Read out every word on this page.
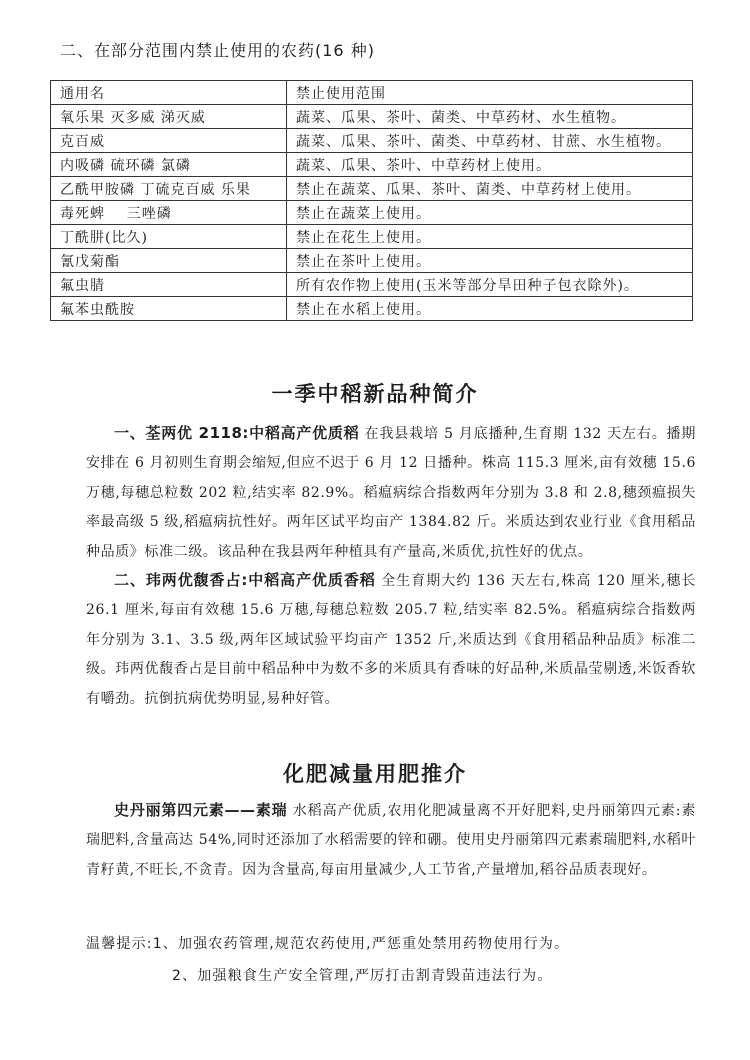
二、在部分范围内禁止使用的农药(16 种)
通用名	禁止使用范围
氧乐果 灭多威 涕灭威	蔬菜、瓜果、茶叶、菌类、中草药材、水生植物。
克百威	蔬菜、瓜果、茶叶、菌类、中草药材、甘蔗、水生植物。
内吸磷 硫环磷 氯磷	蔬菜、瓜果、茶叶、中草药材上使用。
乙酰甲胺磷 丁硫克百威 乐果	禁止在蔬菜、瓜果、茶叶、菌类、中草药材上使用。
毒死蜱    三唑磷	禁止在蔬菜上使用。
丁酰肼(比久)	禁止在花生上使用。
氰戊菊酯	禁止在茶叶上使用。
氟虫腈	所有农作物上使用(玉米等部分旱田种子包衣除外)。
氟苯虫酰胺	禁止在水稻上使用。
一季中稻新品种简介
一、荃两优 2118:中稻高产优质稻 在我县栽培 5 月底播种,生育期 132 天左右。播期安排在 6 月初则生育期会缩短,但应不迟于 6 月 12 日播种。株高 115.3 厘米,亩有效穗 15.6 万穗,每穗总粒数 202 粒,结实率 82.9%。稻瘟病综合指数两年分别为 3.8 和 2.8,穗颈瘟损失率最高级 5 级,稻瘟病抗性好。两年区试平均亩产 1384.82 斤。米质达到农业行业《食用稻品种品质》标准二级。该品种在我县两年种植具有产量高,米质优,抗性好的优点。
二、玮两优馥香占:中稻高产优质香稻 全生育期大约 136 天左右,株高 120 厘米,穗长 26.1 厘米,每亩有效穗 15.6 万穗,每穗总粒数 205.7 粒,结实率 82.5%。稻瘟病综合指数两年分别为 3.1、3.5 级,两年区域试验平均亩产 1352 斤,米质达到《食用稻品种品质》标准二级。玮两优馥香占是目前中稻品种中为数不多的米质具有香味的好品种,米质晶莹剔透,米饭香软有嚼劲。抗倒抗病优势明显,易种好管。
化肥减量用肥推介
史丹丽第四元素——素瑞 水稻高产优质,农用化肥减量离不开好肥料,史丹丽第四元素:素瑞肥料,含量高达 54%,同时还添加了水稻需要的锌和硼。使用史丹丽第四元素素瑞肥料,水稻叶青籽黄,不旺长,不贪青。因为含量高,每亩用量减少,人工节省,产量增加,稻谷品质表现好。
温馨提示:1、加强农药管理,规范农药使用,严惩重处禁用药物使用行为。
2、加强粮食生产安全管理,严厉打击割青毁苗违法行为。
